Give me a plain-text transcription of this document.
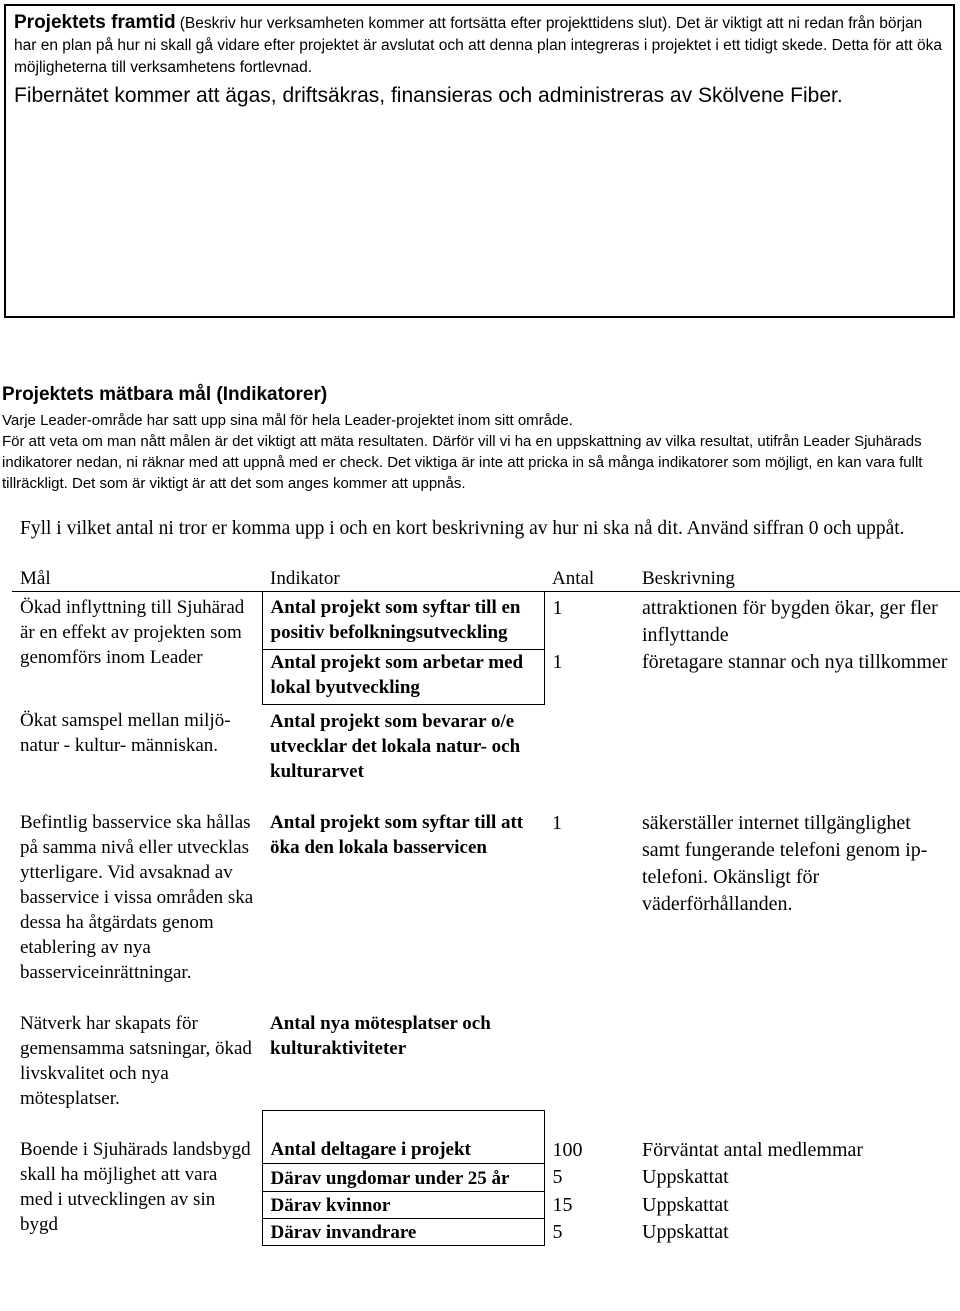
Projektets framtid (Beskriv hur verksamheten kommer att fortsätta efter projekttidens slut). Det är viktigt att ni redan från början har en plan på hur ni skall gå vidare efter projektet är avslutat och att denna plan integreras i projektet i ett tidigt skede. Detta för att öka möjligheterna till verksamhetens fortlevnad.
Fibernätet kommer att ägas, driftsäkras, finansieras och administreras av Skölvene Fiber.
Projektets mätbara mål (Indikatorer)
Varje Leader-område har satt upp sina mål för hela Leader-projektet inom sitt område.
För att veta om man nått målen är det viktigt att mäta resultaten. Därför vill vi ha en uppskattning av vilka resultat, utifrån Leader Sjuhärads indikatorer nedan, ni räknar med att uppnå med er check. Det viktiga är inte att pricka in så många indikatorer som möjligt, en kan vara fullt tillräckligt. Det som är viktigt är att det som anges kommer att uppnås.
Fyll i vilket antal ni tror er komma upp i och en kort beskrivning av hur ni ska nå dit. Använd siffran 0 och uppåt.
Mål	Indikator	Antal	Beskrivning
Ökad inflyttning till Sjuhärad är en effekt av projekten som genomförs inom Leader	Antal projekt som syftar till en positiv befolkningsutveckling	1	attraktionen för bygden ökar, ger fler inflyttande
	Antal projekt som arbetar med lokal byutveckling	1	företagare stannar och nya tillkommer
Ökat samspel mellan miljö- natur - kultur- människan.	Antal projekt som bevarar o/e utvecklar det lokala natur- och kulturarvet		
Befintlig basservice ska hållas på samma nivå eller utvecklas ytterligare. Vid avsaknad av basservice i vissa områden ska dessa ha åtgärdats genom etablering av nya basserviceinrättningar.	Antal projekt som syftar till att öka den lokala basservicen	1	säkerställer internet tillgänglighet samt fungerande telefoni genom ip-telefoni. Okänsligt för väderförhållanden.
Nätverk har skapats för gemensamma satsningar, ökad livskvalitet och nya mötesplatser.	Antal nya mötesplatser och kulturaktiviteter		
Boende i Sjuhärads landsbygd skall ha möjlighet att vara med i utvecklingen av sin bygd	Antal deltagare i projekt	100	Förväntat antal medlemmar
	Därav ungdomar under 25 år	5	Uppskattat
	Därav kvinnor	15	Uppskattat
	Därav invandrare	5	Uppskattat
